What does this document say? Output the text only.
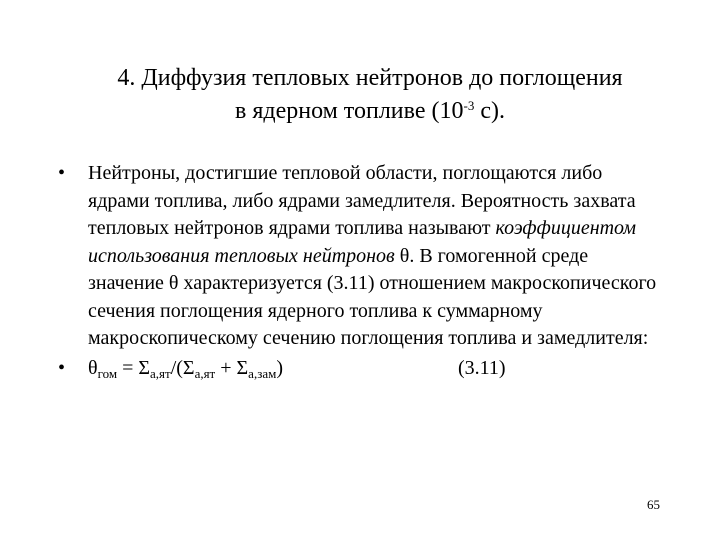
4. Диффузия тепловых нейтронов до поглощения
в ядерном топливе ($10^{-3}$ с).
• Нейтроны, достигшие тепловой области, поглощаются либо ядрами топлива, либо ядрами замедлителя. Вероятность захвата тепловых нейтронов ядрами топлива называют коэффициентом использования тепловых нейтронов θ. В гомогенной среде значение θ характеризуется (3.11) отношением макроскопического сечения поглощения ядерного топлива к суммарному макроскопическому сечению поглощения топлива и замедлителя:
• $\theta_{гом} = \Sigma_{а,ят}/(\Sigma_{а,ят} + \Sigma_{а,зам})$	(3.11)
65
